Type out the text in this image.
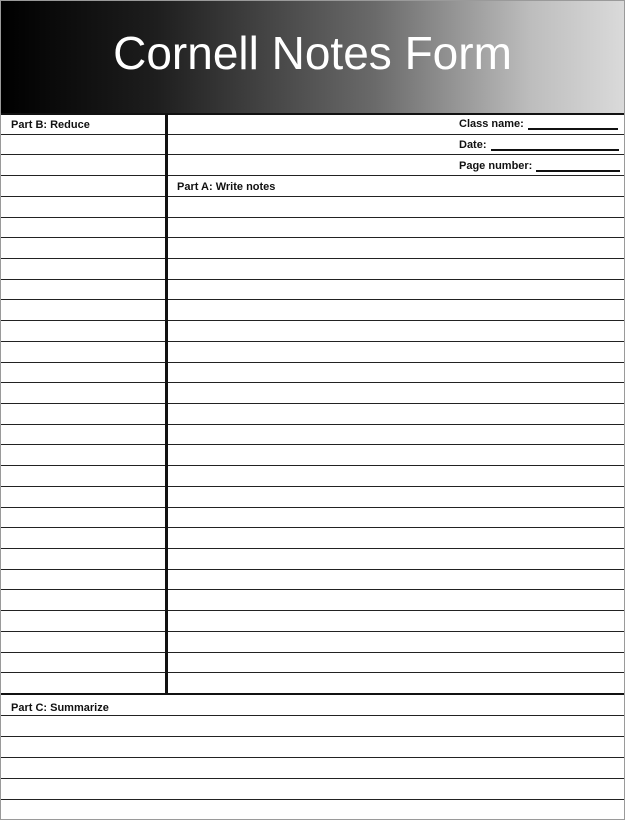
Cornell Notes Form
Part B: Reduce
Part A: Write notes
Part C: Summarize
Class name:
Date:
Page number:
